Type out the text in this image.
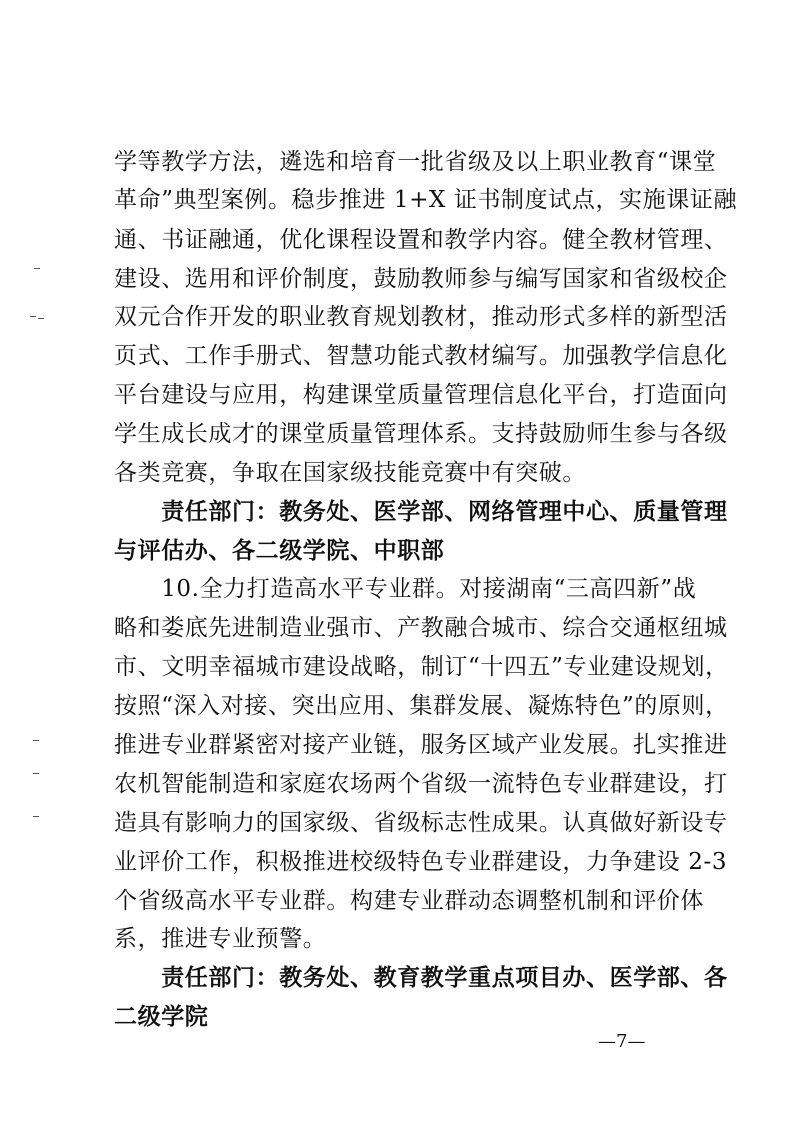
学等教学方法，遴选和培育一批省级及以上职业教育“课堂
革命”典型案例。稳步推进 1+X 证书制度试点，实施课证融
通、书证融通，优化课程设置和教学内容。健全教材管理、
建设、选用和评价制度，鼓励教师参与编写国家和省级校企
双元合作开发的职业教育规划教材，推动形式多样的新型活
页式、工作手册式、智慧功能式教材编写。加强教学信息化
平台建设与应用，构建课堂质量管理信息化平台，打造面向
学生成长成才的课堂质量管理体系。支持鼓励师生参与各级
各类竞赛，争取在国家级技能竞赛中有突破。
　　责任部门：教务处、医学部、网络管理中心、质量管理
与评估办、各二级学院、中职部
　　10.全力打造高水平专业群。对接湖南“三高四新”战
略和娄底先进制造业强市、产教融合城市、综合交通枢纽城
市、文明幸福城市建设战略，制订“十四五”专业建设规划，
按照“深入对接、突出应用、集群发展、凝炼特色”的原则，
推进专业群紧密对接产业链，服务区域产业发展。扎实推进
农机智能制造和家庭农场两个省级一流特色专业群建设，打
造具有影响力的国家级、省级标志性成果。认真做好新设专
业评价工作，积极推进校级特色专业群建设，力争建设 2-3
个省级高水平专业群。构建专业群动态调整机制和评价体
系，推进专业预警。
　　责任部门：教务处、教育教学重点项目办、医学部、各
二级学院
—7—
